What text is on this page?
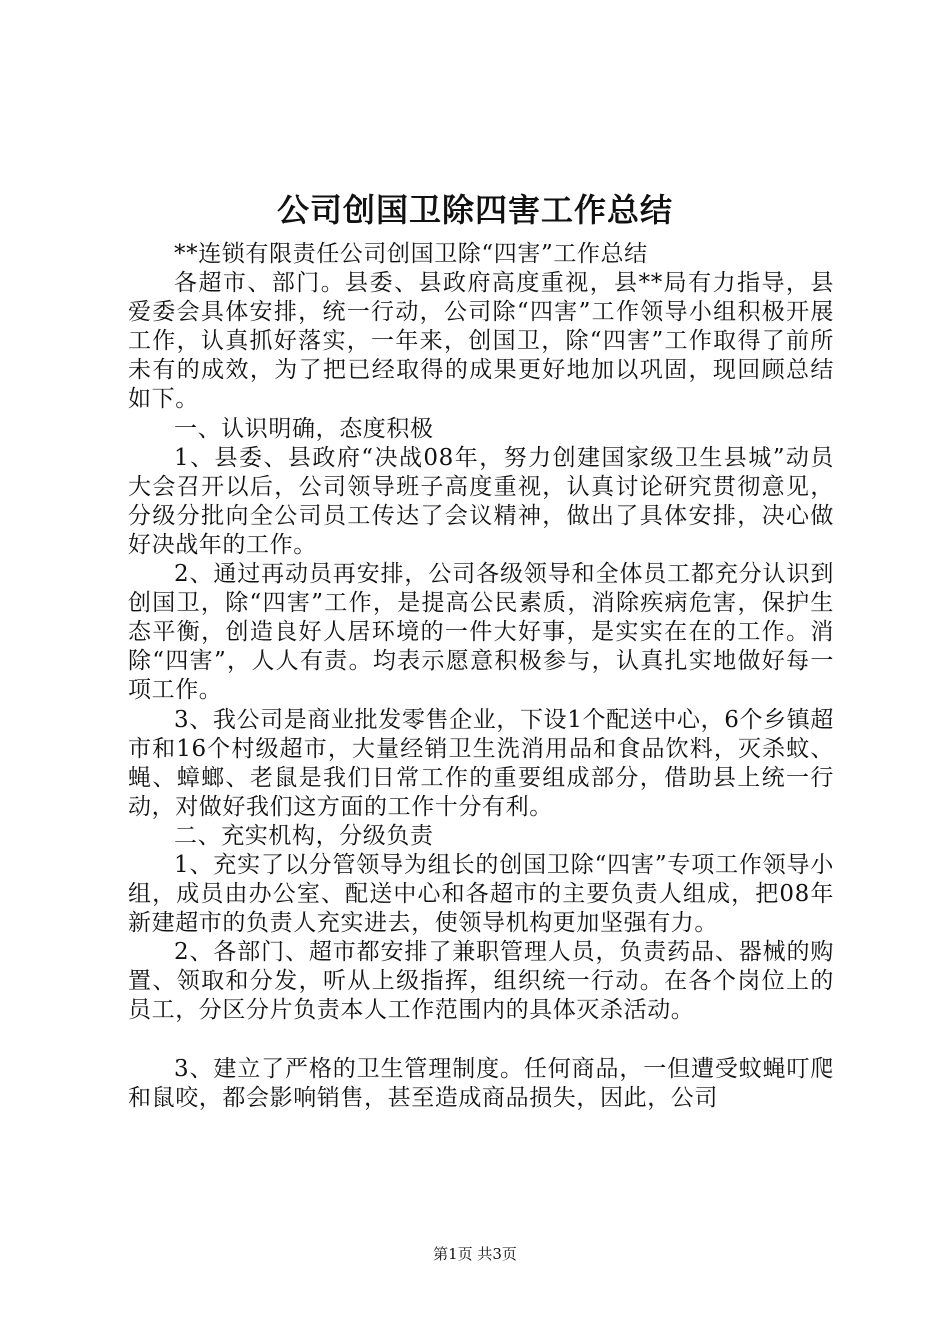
公司创国卫除四害工作总结

**连锁有限责任公司创国卫除“四害”工作总结

各超市、部门。县委、县政府高度重视，县**局有力指导，县爱委会具体安排，统一行动，公司除“四害”工作领导小组积极开展工作，认真抓好落实，一年来，创国卫，除“四害”工作取得了前所未有的成效，为了把已经取得的成果更好地加以巩固，现回顾总结如下。

一、认识明确，态度积极

1、县委、县政府“决战08年，努力创建国家级卫生县城”动员大会召开以后，公司领导班子高度重视，认真讨论研究贯彻意见，分级分批向全公司员工传达了会议精神，做出了具体安排，决心做好决战年的工作。

2、通过再动员再安排，公司各级领导和全体员工都充分认识到创国卫，除“四害”工作，是提高公民素质，消除疾病危害，保护生态平衡，创造良好人居环境的一件大好事，是实实在在的工作。消除“四害”，人人有责。均表示愿意积极参与，认真扎实地做好每一项工作。

3、我公司是商业批发零售企业，下设1个配送中心，6个乡镇超市和16个村级超市，大量经销卫生洗消用品和食品饮料，灭杀蚊、蝇、蟑螂、老鼠是我们日常工作的重要组成部分，借助县上统一行动，对做好我们这方面的工作十分有利。

二、充实机构，分级负责

1、充实了以分管领导为组长的创国卫除“四害”专项工作领导小组，成员由办公室、配送中心和各超市的主要负责人组成，把08年新建超市的负责人充实进去，使领导机构更加坚强有力。

2、各部门、超市都安排了兼职管理人员，负责药品、器械的购置、领取和分发，听从上级指挥，组织统一行动。在各个岗位上的员工，分区分片负责本人工作范围内的具体灭杀活动。

3、建立了严格的卫生管理制度。任何商品，一但遭受蚊蝇叮爬和鼠咬，都会影响销售，甚至造成商品损失，因此，公司

第1页 共3页
